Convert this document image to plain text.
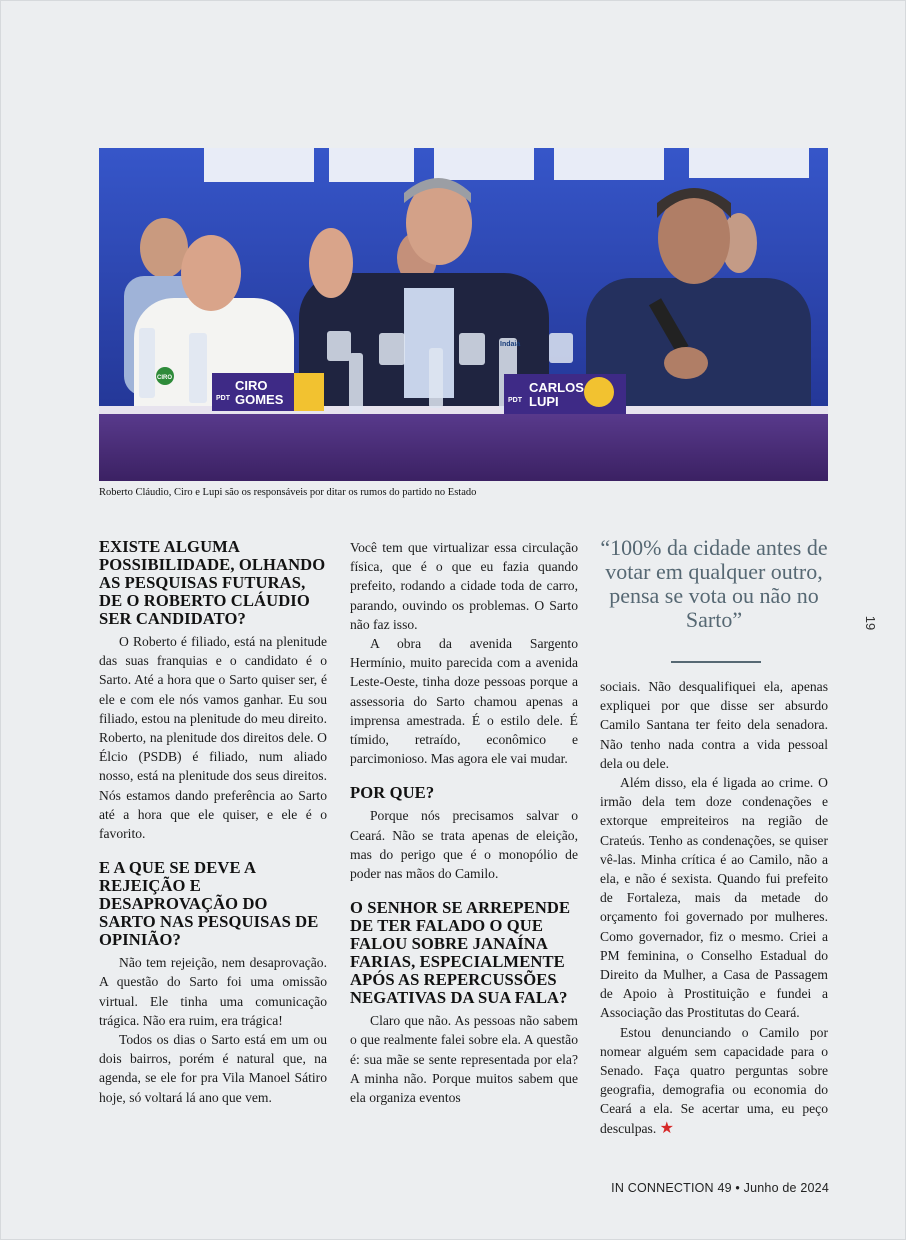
CIRO
GOMES
PDT
CARLOS
LUPI
PDT
Indaiá
CIRO
Roberto Cláudio, Ciro e Lupi são os responsáveis por ditar os rumos do partido no Estado
19
EXISTE ALGUMA POSSIBILIDADE, OLHANDO AS PESQUISAS FUTURAS, DE O ROBERTO CLÁUDIO SER CANDIDATO?

O Roberto é filiado, está na plenitude das suas franquias e o candidato é o Sarto. Até a hora que o Sarto quiser ser, é ele e com ele nós vamos ganhar. Eu sou filiado, estou na plenitude do meu direito. Roberto, na plenitude dos direitos dele. O Élcio (PSDB) é filiado, num aliado nosso, está na plenitude dos seus direitos. Nós estamos dando preferência ao Sarto até a hora que ele quiser, e ele é o favorito.

E A QUE SE DEVE A REJEIÇÃO E DESAPROVAÇÃO DO SARTO NAS PESQUISAS DE OPINIÃO?

Não tem rejeição, nem desaprovação. A questão do Sarto foi uma omissão virtual. Ele tinha uma comunicação trágica. Não era ruim, era trágica!

Todos os dias o Sarto está em um ou dois bairros, porém é natural que, na agenda, se ele for pra Vila Manoel Sátiro hoje, só voltará lá ano que vem.

Você tem que virtualizar essa circulação física, que é o que eu fazia quando prefeito, rodando a cidade toda de carro, parando, ouvindo os problemas. O Sarto não faz isso.

A obra da avenida Sargento Hermínio, muito parecida com a avenida Leste-Oeste, tinha doze pessoas porque a assessoria do Sarto chamou apenas a imprensa amestrada. É o estilo dele. É tímido, retraído, econômico e parcimonioso. Mas agora ele vai mudar.

POR QUE?

Porque nós precisamos salvar o Ceará. Não se trata apenas de eleição, mas do perigo que é o monopólio de poder nas mãos do Camilo.

O SENHOR SE ARREPENDE DE TER FALADO O QUE FALOU SOBRE JANAÍNA FARIAS, ESPECIALMENTE APÓS AS REPERCUSSÕES NEGATIVAS DA SUA FALA?

Claro que não. As pessoas não sabem o que realmente falei sobre ela. A questão é: sua mãe se sente representada por ela? A minha não. Porque muitos sabem que ela organiza eventos

“100% da cidade antes de votar em qualquer outro, pensa se vota ou não no Sarto”

sociais. Não desqualifiquei ela, apenas expliquei por que disse ser absurdo Camilo Santana ter feito dela senadora. Não tenho nada contra a vida pessoal dela ou dele.

Além disso, ela é ligada ao crime. O irmão dela tem doze condenações e extorque empreiteiros na região de Crateús. Tenho as condenações, se quiser vê-las. Minha crítica é ao Camilo, não a ela, e não é sexista. Quando fui prefeito de Fortaleza, mais da metade do orçamento foi governado por mulheres. Como governador, fiz o mesmo. Criei a PM feminina, o Conselho Estadual do Direito da Mulher, a Casa de Passagem de Apoio à Prostituição e fundei a Associação das Prostitutas do Ceará.

Estou denunciando o Camilo por nomear alguém sem capacidade para o Senado. Faça quatro perguntas sobre geografia, demografia ou economia do Ceará a ela. Se acertar uma, eu peço desculpas. ★

IN CONNECTION 49 • Junho de 2024
